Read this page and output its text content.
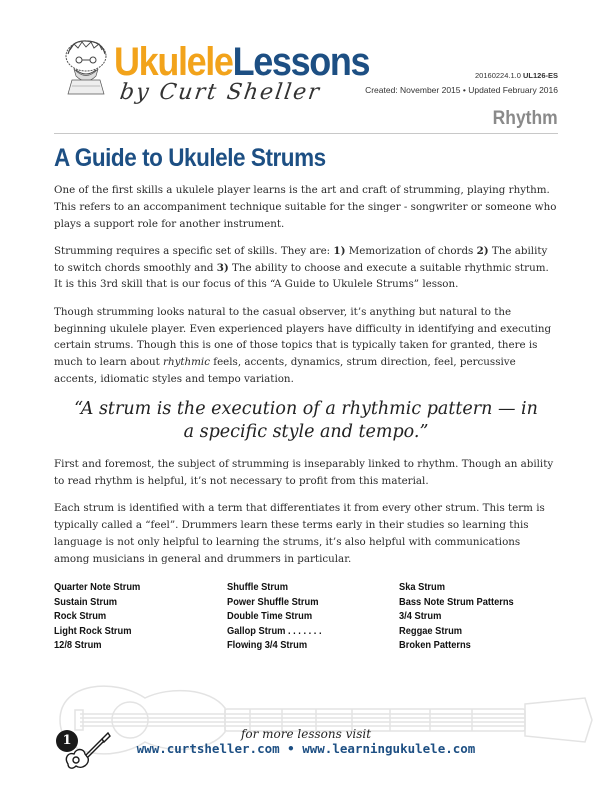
UkuleleLessons
by Curt Sheller
20160224.1.0 UL126-ES
Created: November 2015 • Updated February 2016
Rhythm
A Guide to Ukulele Strums

One of the first skills a ukulele player learns is the art and craft of strumming, playing rhythm. This refers to an accompaniment technique suitable for the singer - songwriter or someone who plays a support role for another instrument.

Strumming requires a specific set of skills. They are: 1) Memorization of chords 2) The ability to switch chords smoothly and 3) The ability to choose and execute a suitable rhythmic strum. It is this 3rd skill that is our focus of this “A Guide to Ukulele Strums” lesson.

Though strumming looks natural to the casual observer, it’s anything but natural to the beginning ukulele player. Even experienced players have difficulty in identifying and executing certain strums. Though this is one of those topics that is typically taken for granted, there is much to learn about rhythmic feels, accents, dynamics, strum direction, feel, percussive accents, idiomatic styles and tempo variation.

“A strum is the execution of a rhythmic pattern — in
a specific style and tempo.”

First and foremost, the subject of strumming is inseparably linked to rhythm. Though an ability to read rhythm is helpful, it’s not necessary to profit from this material.

Each strum is identified with a term that differentiates it from every other strum. This term is typically called a “feel”. Drummers learn these terms early in their studies so learning this language is not only helpful to learning the strums, it’s also helpful with communications among musicians in general and drummers in particular.

Quarter Note Strum
Sustain Strum
Rock Strum
Light Rock Strum
12/8 Strum
Shuffle Strum
Power Shuffle Strum
Double Time Strum
Gallop Strum . . . . . . .
Flowing 3/4 Strum
Ska Strum
Bass Note Strum Patterns
3/4 Strum
Reggae Strum
Broken Patterns
for more lessons visit
www.curtsheller.com • www.learningukulele.com
1
